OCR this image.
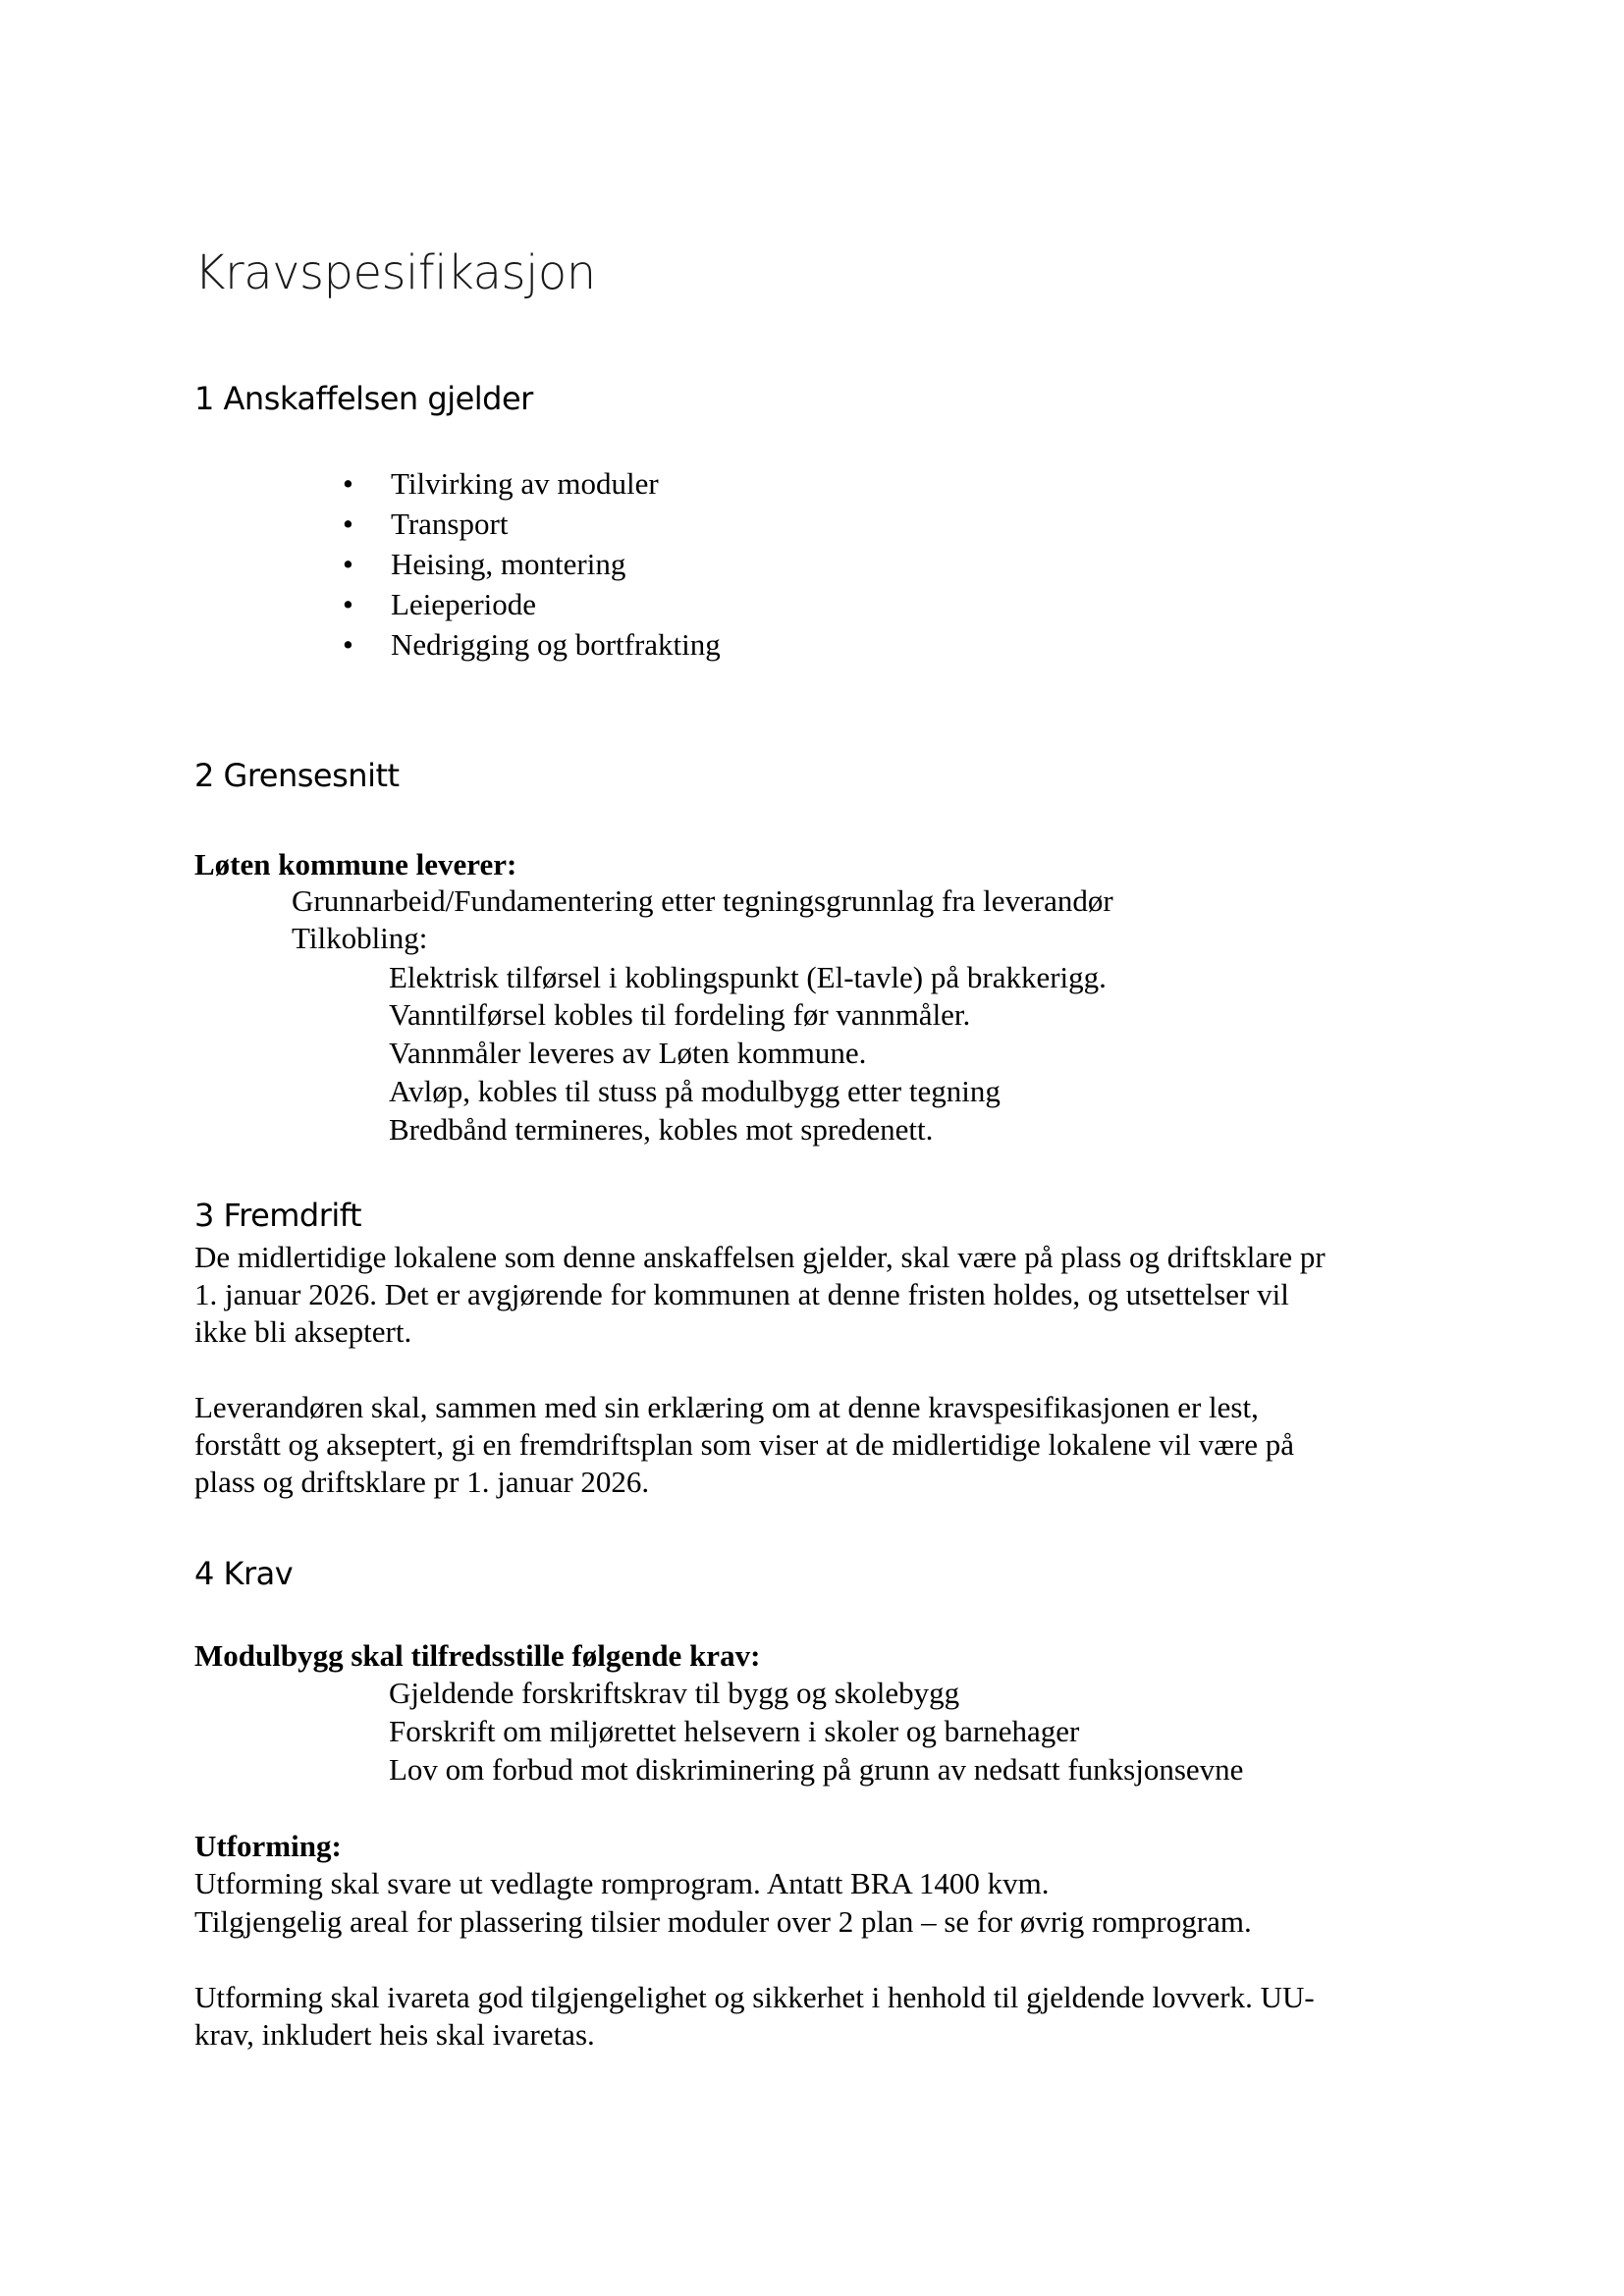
Kravspesifikasjon
1 Anskaffelsen gjelder
• Tilvirking av moduler
• Transport
• Heising, montering
• Leieperiode
• Nedrigging og bortfrakting
2 Grensesnitt
Løten kommune leverer:
Grunnarbeid/Fundamentering etter tegningsgrunnlag fra leverandør
Tilkobling:
Elektrisk tilførsel i koblingspunkt (El-tavle) på brakkerigg.
Vanntilførsel kobles til fordeling før vannmåler.
Vannmåler leveres av Løten kommune.
Avløp, kobles til stuss på modulbygg etter tegning
Bredbånd termineres, kobles mot spredenett.
3 Fremdrift
De midlertidige lokalene som denne anskaffelsen gjelder, skal være på plass og driftsklare pr
1. januar 2026. Det er avgjørende for kommunen at denne fristen holdes, og utsettelser vil
ikke bli akseptert.
Leverandøren skal, sammen med sin erklæring om at denne kravspesifikasjonen er lest,
forstått og akseptert, gi en fremdriftsplan som viser at de midlertidige lokalene vil være på
plass og driftsklare pr 1. januar 2026.
4 Krav
Modulbygg skal tilfredsstille følgende krav:
Gjeldende forskriftskrav til bygg og skolebygg
Forskrift om miljørettet helsevern i skoler og barnehager
Lov om forbud mot diskriminering på grunn av nedsatt funksjonsevne
Utforming:
Utforming skal svare ut vedlagte romprogram. Antatt BRA 1400 kvm.
Tilgjengelig areal for plassering tilsier moduler over 2 plan – se for øvrig romprogram.
Utforming skal ivareta god tilgjengelighet og sikkerhet i henhold til gjeldende lovverk. UU-
krav, inkludert heis skal ivaretas.
